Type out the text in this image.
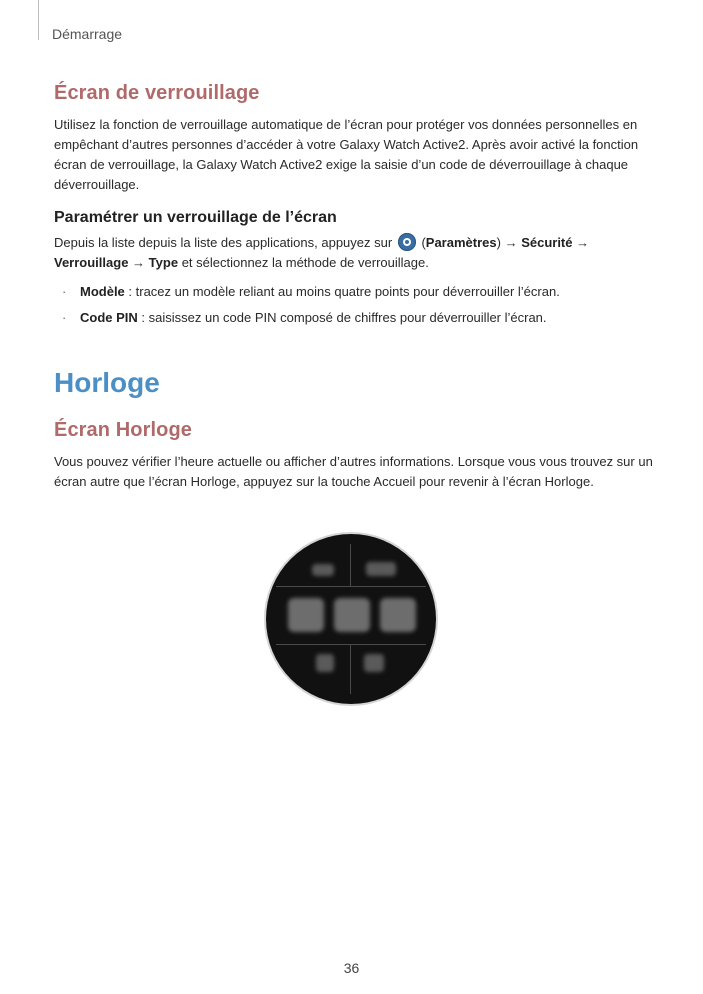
Démarrage
Écran de verrouillage

Utilisez la fonction de verrouillage automatique de l’écran pour protéger vos données personnelles en empêchant d’autres personnes d’accéder à votre Galaxy Watch Active2. Après avoir activé la fonction écran de verrouillage, la Galaxy Watch Active2 exige la saisie d’un code de déverrouillage à chaque déverrouillage.

Paramétrer un verrouillage de l’écran

Depuis la liste depuis la liste des applications, appuyez sur  (Paramètres) → Sécurité →
Verrouillage → Type et sélectionnez la méthode de verrouillage.

· Modèle : tracez un modèle reliant au moins quatre points pour déverrouiller l’écran.
· Code PIN : saisissez un code PIN composé de chiffres pour déverrouiller l’écran.
Horloge
Écran Horloge

Vous pouvez vérifier l’heure actuelle ou afficher d’autres informations. Lorsque vous vous trouvez sur un écran autre que l’écran Horloge, appuyez sur la touche Accueil pour revenir à l’écran Horloge.

36
